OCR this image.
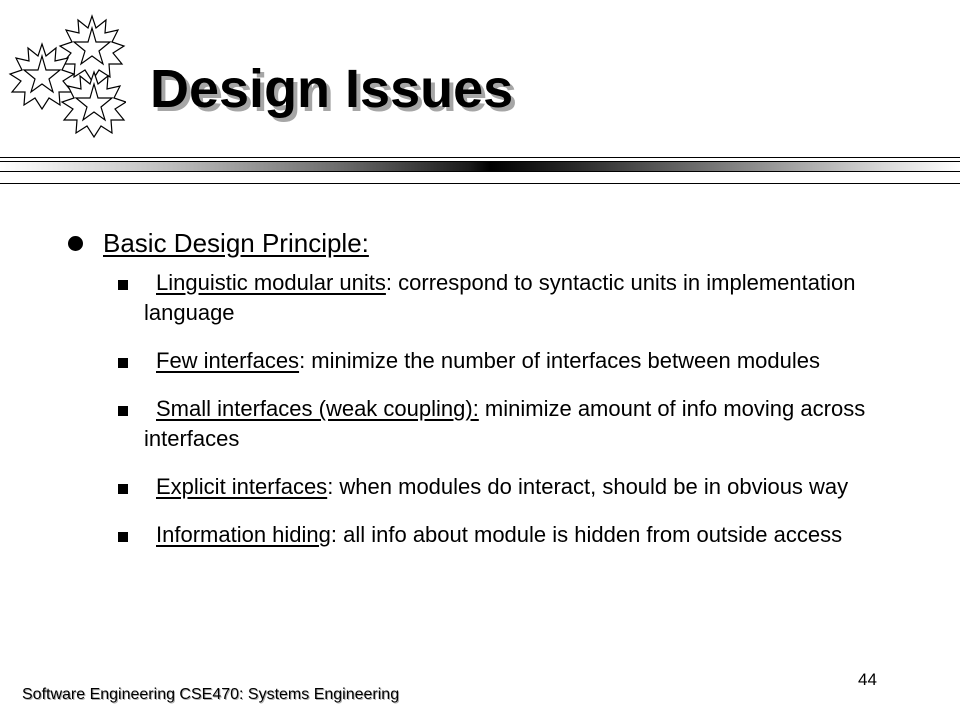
Design Issues
Basic Design Principle:
Linguistic modular units: correspond to syntactic units in implementation language
Few interfaces: minimize the number of interfaces between modules
Small interfaces (weak coupling): minimize amount of info moving across interfaces
Explicit interfaces: when modules do interact, should be in obvious way
Information hiding: all info about module is hidden from outside access
44
Software Engineering CSE470: Systems Engineering
